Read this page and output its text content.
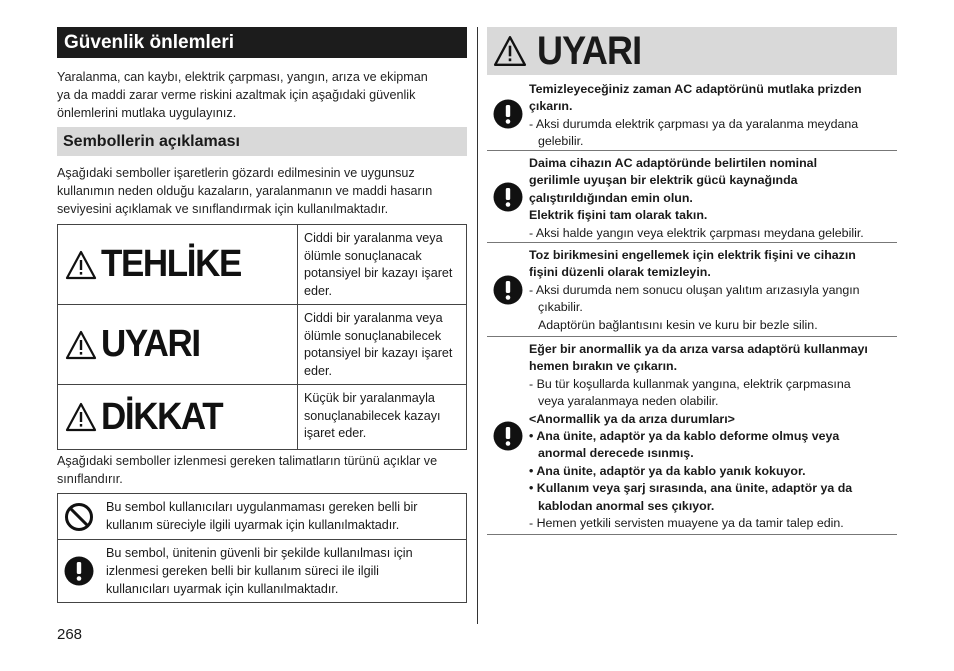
Güvenlik önlemleri
Yaralanma, can kaybı, elektrik çarpması, yangın, arıza ve ekipman
ya da maddi zarar verme riskini azaltmak için aşağıdaki güvenlik
önlemlerini mutlaka uygulayınız.
Sembollerin açıklaması
Aşağıdaki semboller işaretlerin gözardı edilmesinin ve uygunsuz
kullanımın neden olduğu kazaların, yaralanmanın ve maddi hasarın
seviyesini açıklamak ve sınıflandırmak için kullanılmaktadır.
TEHLİKE
Ciddi bir yaralanma veya
ölümle sonuçlanacak
potansiyel bir kazayı işaret
eder.
UYARI
Ciddi bir yaralanma veya
ölümle sonuçlanabilecek
potansiyel bir kazayı işaret
eder.
DİKKAT	Küçük bir yaralanmayla
sonuçlanabilecek kazayı
işaret eder.
Aşağıdaki semboller izlenmesi gereken talimatların türünü açıklar ve
sınıflandırır.
Bu sembol kullanıcıları uygulanmaması gereken belli bir
kullanım süreciyle ilgili uyarmak için kullanılmaktadır.
Bu sembol, ünitenin güvenli bir şekilde kullanılması için
izlenmesi gereken belli bir kullanım süreci ile ilgili
kullanıcıları uyarmak için kullanılmaktadır.
268
UYARI
Temizleyeceğiniz zaman AC adaptörünü mutlaka prizden
çıkarın.
- Aksi durumda elektrik çarpması ya da yaralanma meydana
gelebilir.
Daima cihazın AC adaptöründe belirtilen nominal
gerilimle uyuşan bir elektrik gücü kaynağında
çalıştırıldığından emin olun.
Elektrik fişini tam olarak takın.
- Aksi halde yangın veya elektrik çarpması meydana gelebilir.
Toz birikmesini engellemek için elektrik fişini ve cihazın
fişini düzenli olarak temizleyin.
- Aksi durumda nem sonucu oluşan yalıtım arızasıyla yangın
çıkabilir.
Adaptörün bağlantısını kesin ve kuru bir bezle silin.
Eğer bir anormallik ya da arıza varsa adaptörü kullanmayı
hemen bırakın ve çıkarın.
- Bu tür koşullarda kullanmak yangına, elektrik çarpmasına
veya yaralanmaya neden olabilir.
<Anormallik ya da arıza durumları>
• Ana ünite, adaptör ya da kablo deforme olmuş veya
anormal derecede ısınmış.
• Ana ünite, adaptör ya da kablo yanık kokuyor.
• Kullanım veya şarj sırasında, ana ünite, adaptör ya da
kablodan anormal ses çıkıyor.
- Hemen yetkili servisten muayene ya da tamir talep edin.
